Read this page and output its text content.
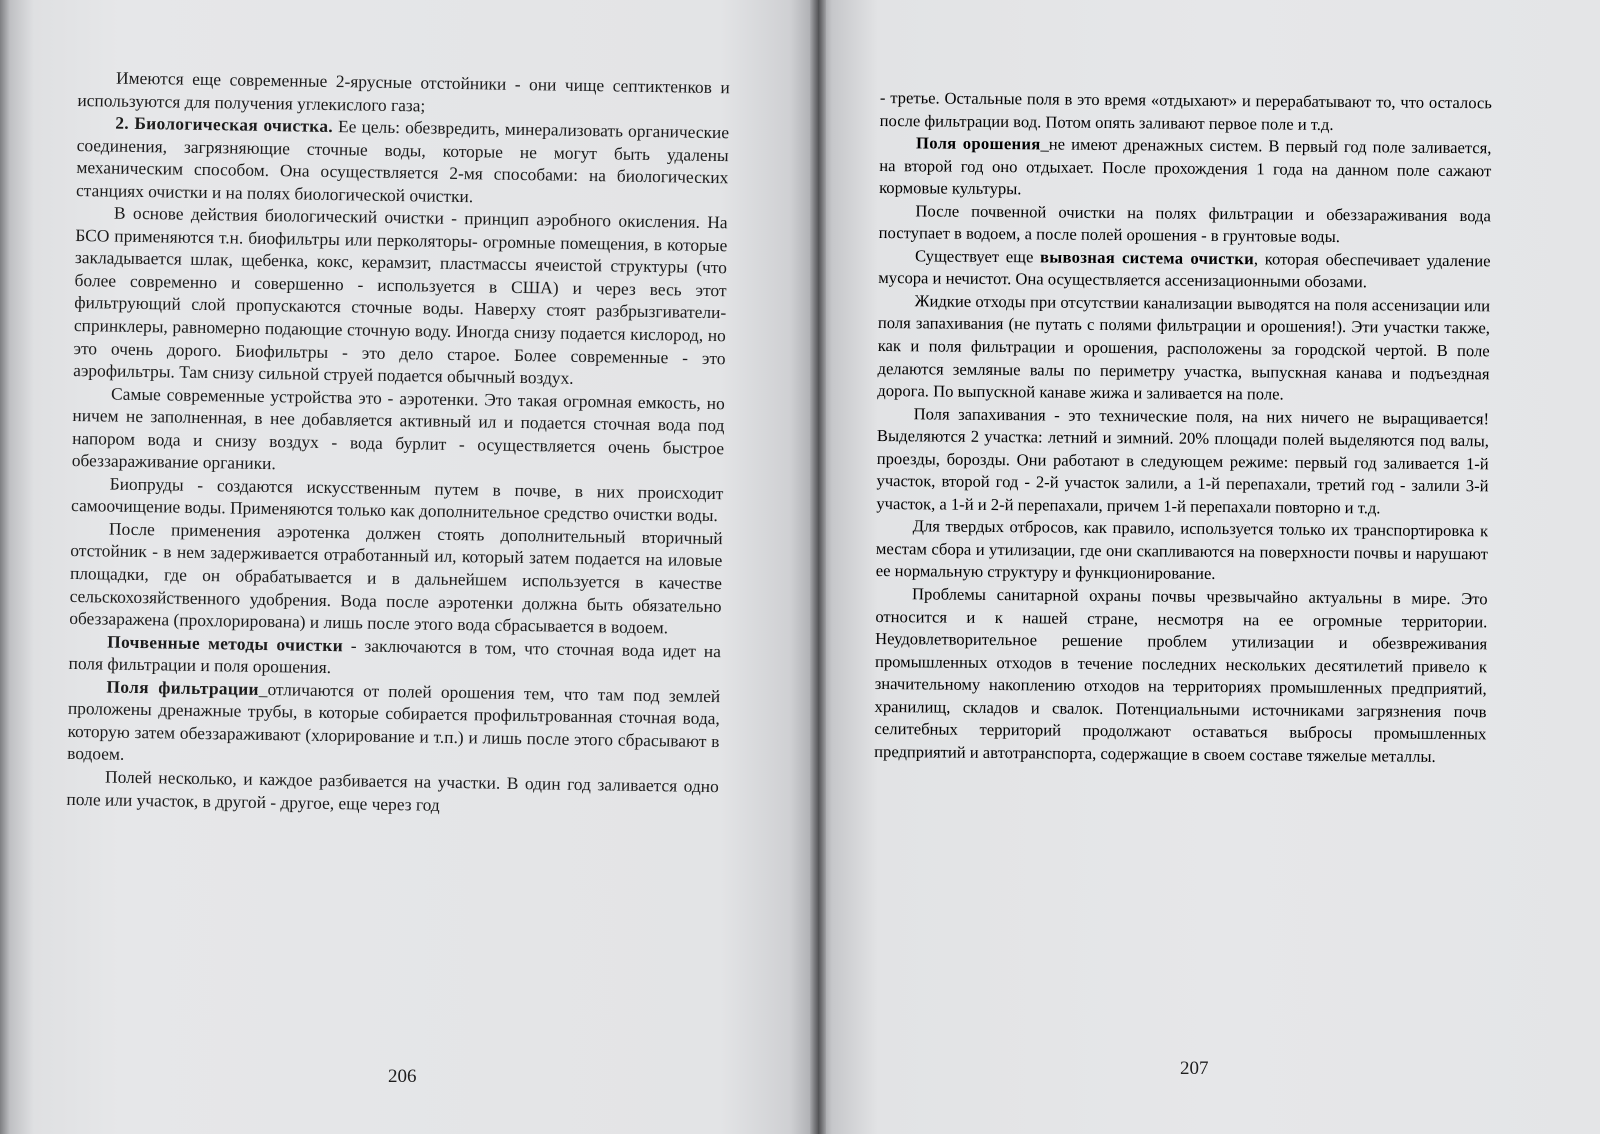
Имеются еще современные 2-ярусные отстойники - они чище септиктенков и используются для получения углекислого газа;

2. Биологическая очистка. Ее цель: обезвредить, минерализовать органические соединения, загрязняющие сточные воды, которые не могут быть удалены механическим способом. Она осуществляется 2-мя способами: на биологических станциях очистки и на полях биологической очистки.

В основе действия биологический очистки - принцип аэробного окисления. На БСО применяются т.н. биофильтры или перколяторы- огромные помещения, в которые закладывается шлак, щебенка, кокс, керамзит, пластмассы ячеистой структуры (что более современно и совершенно - используется в США) и через весь этот фильтрующий слой пропускаются сточные воды. Наверху стоят разбрызгиватели-спринклеры, равномерно подающие сточную воду. Иногда снизу подается кислород, но это очень дорого. Биофильтры - это дело старое. Более современные - это аэрофильтры. Там снизу сильной струей подается обычный воздух.

Самые современные устройства это - аэротенки. Это такая огромная емкость, но ничем не заполненная, в нее добавляется активный ил и подается сточная вода под напором вода и снизу воздух - вода бурлит - осуществляется очень быстрое обеззараживание органики.

Биопруды - создаются искусственным путем в почве, в них происходит самоочищение воды. Применяются только как дополнительное средство очистки воды.

После применения аэротенка должен стоять дополнительный вторичный отстойник - в нем задерживается отработанный ил, который затем подается на иловые площадки, где он обрабатывается и в дальнейшем используется в качестве сельскохозяйственного удобрения. Вода после аэротенки должна быть обязательно обеззаражена (прохлорирована) и лишь после этого вода сбрасывается в водоем.

Почвенные методы очистки - заключаются в том, что сточная вода идет на поля фильтрации и поля орошения.

Поля фильтрации_отличаются от полей орошения тем, что там под землей проложены дренажные трубы, в которые собирается профильтрованная сточная вода, которую затем обеззараживают (хлорирование и т.п.) и лишь после этого сбрасывают в водоем.

Полей несколько, и каждое разбивается на участки. В один год заливается одно поле или участок, в другой - другое, еще через год

206

- третье. Остальные поля в это время «отдыхают» и перерабатывают то, что осталось после фильтрации вод. Потом опять заливают первое поле и т.д.

Поля орошения_не имеют дренажных систем. В первый год поле заливается, на второй год оно отдыхает. После прохождения 1 года на данном поле сажают кормовые культуры.

После почвенной очистки на полях фильтрации и обеззараживания вода поступает в водоем, а после полей орошения - в грунтовые воды.

Существует еще вывозная система очистки, которая обеспечивает удаление мусора и нечистот. Она осуществляется ассенизационными обозами.

Жидкие отходы при отсутствии канализации выводятся на поля ассенизации или поля запахивания (не путать с полями фильтрации и орошения!). Эти участки также, как и поля фильтрации и орошения, расположены за городской чертой. В поле делаются земляные валы по периметру участка, выпускная канава и подъездная дорога. По выпускной канаве жижа и заливается на поле.

Поля запахивания - это технические поля, на них ничего не выращивается! Выделяются 2 участка: летний и зимний. 20% площади полей выделяются под валы, проезды, борозды. Они работают в следующем режиме: первый год заливается 1-й участок, второй год - 2-й участок залили, а 1-й перепахали, третий год - залили 3-й участок, а 1-й и 2-й перепахали, причем 1-й перепахали повторно и т.д.

Для твердых отбросов, как правило, используется только их транспортировка к местам сбора и утилизации, где они скапливаются на поверхности почвы и нарушают ее нормальную структуру и функционирование.

Проблемы санитарной охраны почвы чрезвычайно актуальны в мире. Это относится и к нашей стране, несмотря на ее огромные территории. Неудовлетворительное решение проблем утилизации и обезвреживания промышленных отходов в течение последних нескольких десятилетий привело к значительному накоплению отходов на территориях промышленных предприятий, хранилищ, складов и свалок. Потенциальными источниками загрязнения почв селитебных территорий продолжают оставаться выбросы промышленных предприятий и автотранспорта, содержащие в своем составе тяжелые металлы.

207
